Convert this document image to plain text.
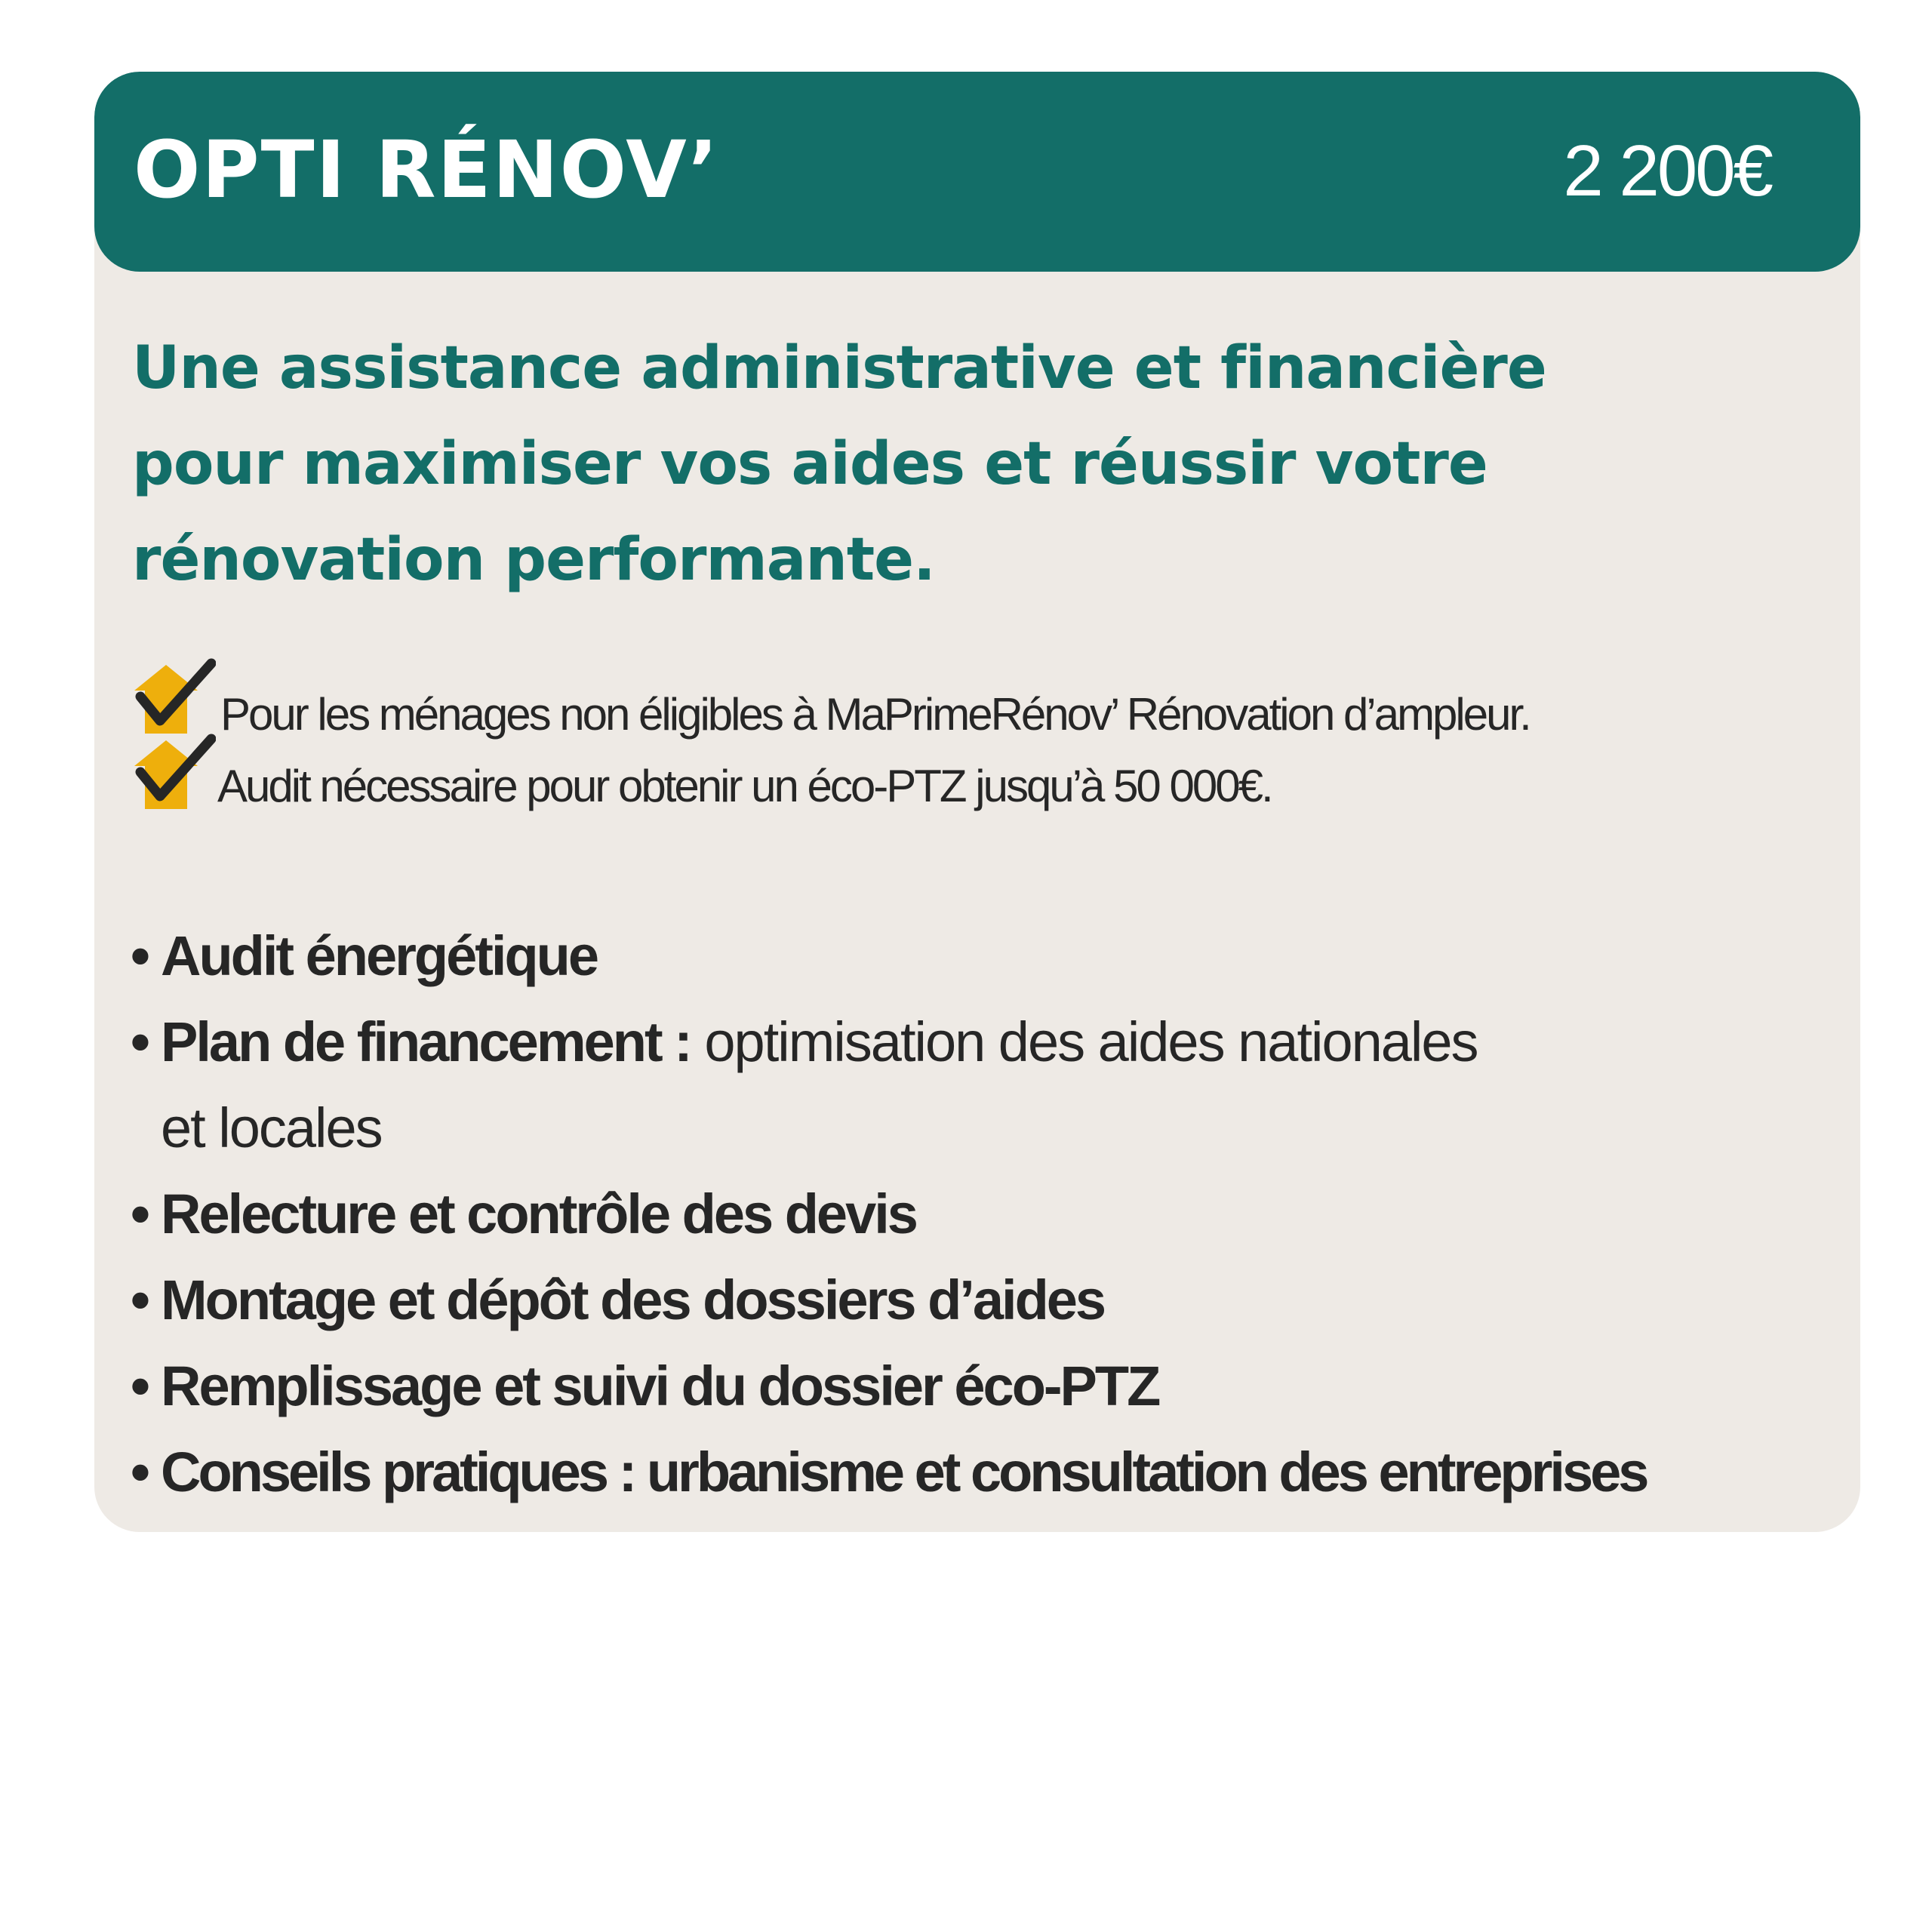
OPTI RÉNOV’	2 200€
Une assistance administrative et financière
pour maximiser vos aides et réussir votre
rénovation performante.
Pour les ménages non éligibles à MaPrimeRénov’ Rénovation d’ampleur.
Audit nécessaire pour obtenir un éco-PTZ jusqu’à 50 000€.
• Audit énergétique
• Plan de financement : optimisation des aides nationales
et locales
• Relecture et contrôle des devis
• Montage et dépôt des dossiers d’aides
• Remplissage et suivi du dossier éco-PTZ
• Conseils pratiques : urbanisme et consultation des entreprises
